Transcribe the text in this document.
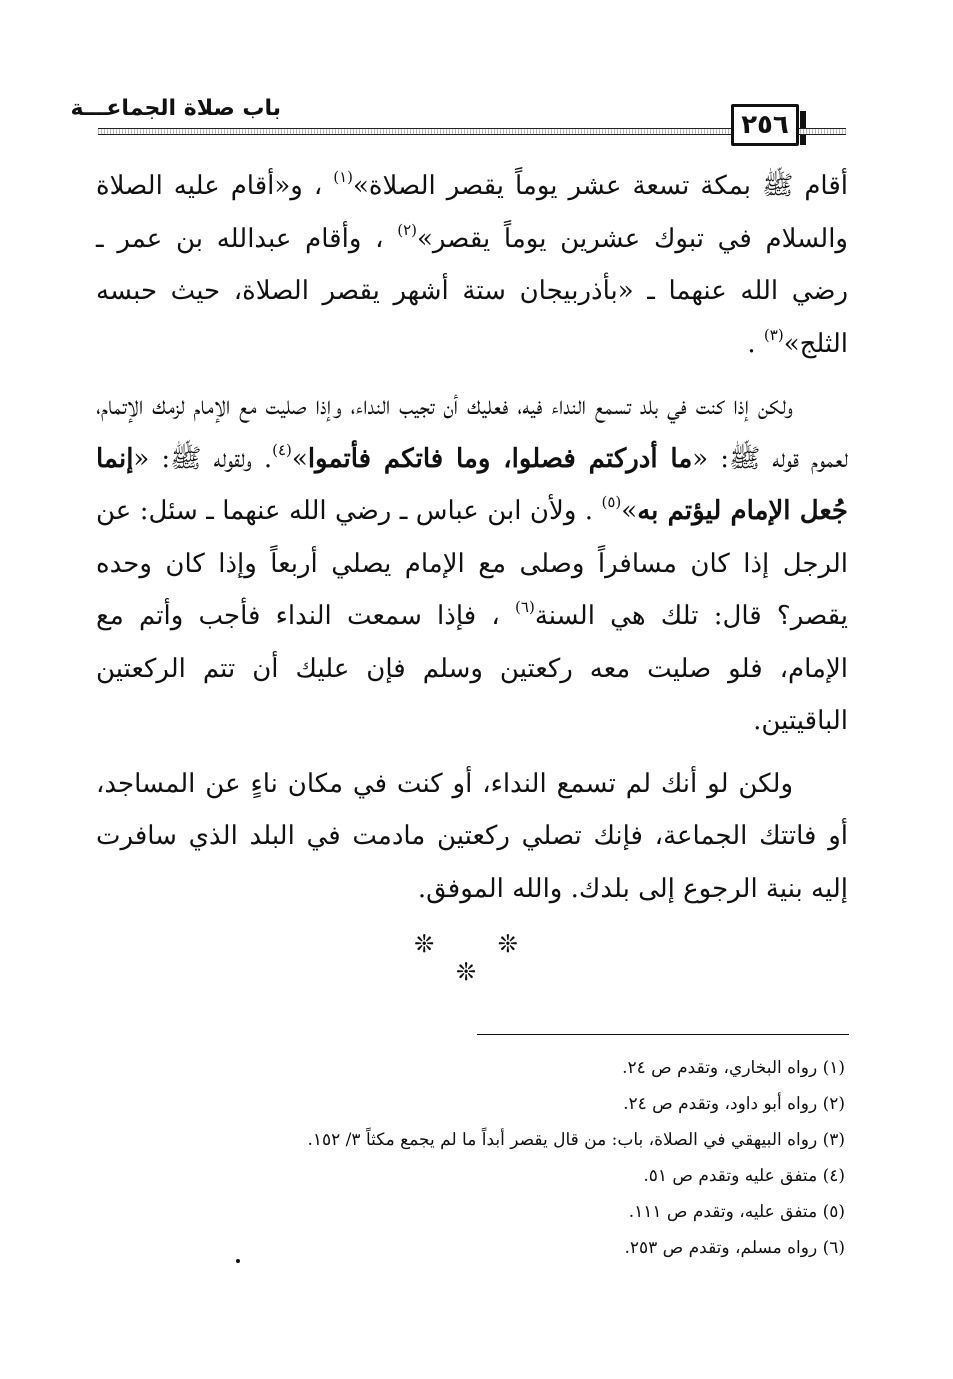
باب صلاة الجماعـــة
٢٥٦

أقام ﷺ بمكة تسعة عشر يوماً يقصر الصلاة»$^{(١)}$ ، و«أقام عليه الصلاة والسلام في تبوك عشرين يوماً يقصر»$^{(٢)}$ ، وأقام عبدالله بن عمر ـ رضي الله عنهما ـ «بأذربيجان ستة أشهر يقصر الصلاة، حيث حبسه الثلج»$^{(٣)}$ .

ولكن إذا كنت في بلد تسمع النداء فيه، فعليك أن تجيب النداء، وإذا صليت مع الإمام لزمك الإتمام، لعموم قوله ﷺ: «ما أدركتم فصلوا، وما فاتكم فأتموا»$^{(٤)}$. ولقوله ﷺ: «إنما جُعل الإمام ليؤتم به»$^{(٥)}$ . ولأن ابن عباس ـ رضي الله عنهما ـ سئل: عن الرجل إذا كان مسافراً وصلى مع الإمام يصلي أربعاً وإذا كان وحده يقصر؟ قال: تلك هي السنة$^{(٦)}$ ، فإذا سمعت النداء فأجب وأتم مع الإمام، فلو صليت معه ركعتين وسلم فإن عليك أن تتم الركعتين الباقيتين.

ولكن لو أنك لم تسمع النداء، أو كنت في مكان ناءٍ عن المساجد، أو فاتتك الجماعة، فإنك تصلي ركعتين مادمت في البلد الذي سافرت إليه بنية الرجوع إلى بلدك. والله الموفق.

❊ ❊ ❊
(١) رواه البخاري، وتقدم ص ٢٤.
(٢) رواه أبو داود، وتقدم ص ٢٤.
(٣) رواه البيهقي في الصلاة، باب: من قال يقصر أبداً ما لم يجمع مكثاً ٣/ ١٥٢.
(٤) متفق عليه وتقدم ص ٥١.
(٥) متفق عليه، وتقدم ص ١١١.
(٦) رواه مسلم، وتقدم ص ٢٥٣.
